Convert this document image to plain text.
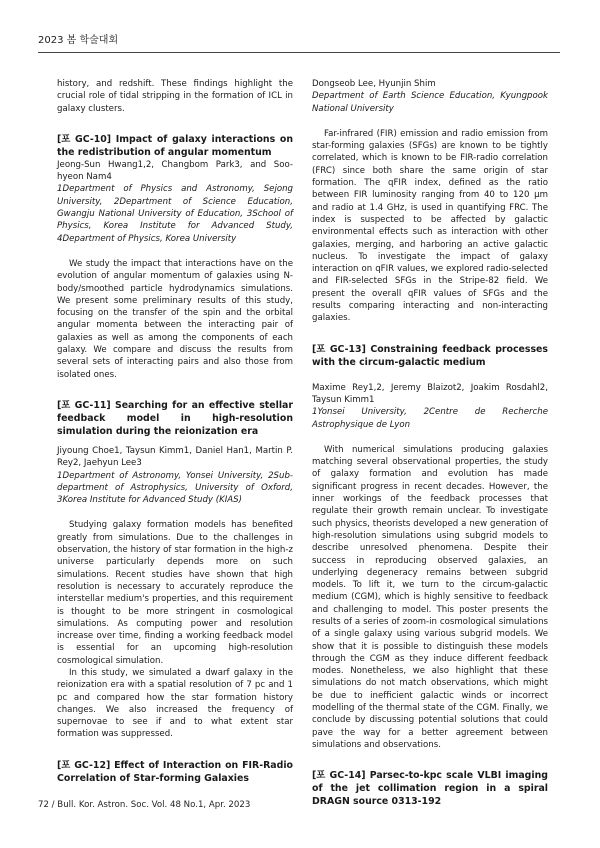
2023 봄 학술대회

history, and redshift. These findings highlight the crucial role of tidal stripping in the formation of ICL in galaxy clusters.

[포 GC-10] Impact of galaxy interactions on the redistribution of angular momentum

Jeong-Sun Hwang1,2, Changbom Park3, and Soo-hyeon Nam4

1Department of Physics and Astronomy, Sejong University, 2Department of Science Education, Gwangju National University of Education, 3School of Physics, Korea Institute for Advanced Study, 4Department of Physics, Korea University

We study the impact that interactions have on the evolution of angular momentum of galaxies using N-body/smoothed particle hydrodynamics simulations. We present some preliminary results of this study, focusing on the transfer of the spin and the orbital angular momenta between the interacting pair of galaxies as well as among the components of each galaxy. We compare and discuss the results from several sets of interacting pairs and also those from isolated ones.

[포 GC-11] Searching for an effective stellar feedback model in high-resolution simulation during the reionization era

Jiyoung Choe1, Taysun Kimm1, Daniel Han1, Martin P. Rey2, Jaehyun Lee3

1Department of Astronomy, Yonsei University, 2Sub-department of Astrophysics, University of Oxford, 3Korea Institute for Advanced Study (KIAS)

Studying galaxy formation models has benefited greatly from simulations. Due to the challenges in observation, the history of star formation in the high-z universe particularly depends more on such simulations. Recent studies have shown that high resolution is necessary to accurately reproduce the interstellar medium's properties, and this requirement is thought to be more stringent in cosmological simulations. As computing power and resolution increase over time, finding a working feedback model is essential for an upcoming high-resolution cosmological simulation.

In this study, we simulated a dwarf galaxy in the reionization era with a spatial resolution of 7 pc and 1 pc and compared how the star formation history changes. We also increased the frequency of supernovae to see if and to what extent star formation was suppressed.

[포 GC-12] Effect of Interaction on FIR-Radio Correlation of Star-forming Galaxies

Dongseob Lee, Hyunjin Shim

Department of Earth Science Education, Kyungpook National University

Far-infrared (FIR) emission and radio emission from star-forming galaxies (SFGs) are known to be tightly correlated, which is known to be FIR-radio correlation (FRC) since both share the same origin of star formation. The qFIR index, defined as the ratio between FIR luminosity ranging from 40 to 120 μm and radio at 1.4 GHz, is used in quantifying FRC. The index is suspected to be affected by galactic environmental effects such as interaction with other galaxies, merging, and harboring an active galactic nucleus. To investigate the impact of galaxy interaction on qFIR values, we explored radio-selected and FIR-selected SFGs in the Stripe-82 field. We present the overall qFIR values of SFGs and the results comparing interacting and non-interacting galaxies.

[포 GC-13] Constraining feedback processes with the circum-galactic medium

Maxime Rey1,2, Jeremy Blaizot2, Joakim Rosdahl2, Taysun Kimm1

1Yonsei University, 2Centre de Recherche Astrophysique de Lyon

With numerical simulations producing galaxies matching several observational properties, the study of galaxy formation and evolution has made significant progress in recent decades. However, the inner workings of the feedback processes that regulate their growth remain unclear. To investigate such physics, theorists developed a new generation of high-resolution simulations using subgrid models to describe unresolved phenomena. Despite their success in reproducing observed galaxies, an underlying degeneracy remains between subgrid models. To lift it, we turn to the circum-galactic medium (CGM), which is highly sensitive to feedback and challenging to model. This poster presents the results of a series of zoom-in cosmological simulations of a single galaxy using various subgrid models. We show that it is possible to distinguish these models through the CGM as they induce different feedback modes. Nonetheless, we also highlight that these simulations do not match observations, which might be due to inefficient galactic winds or incorrect modelling of the thermal state of the CGM. Finally, we conclude by discussing potential solutions that could pave the way for a better agreement between simulations and observations.

[포 GC-14] Parsec-to-kpc scale VLBI imaging of the jet collimation region in a spiral DRAGN source 0313-192

72 / Bull. Kor. Astron. Soc. Vol. 48 No.1, Apr. 2023
